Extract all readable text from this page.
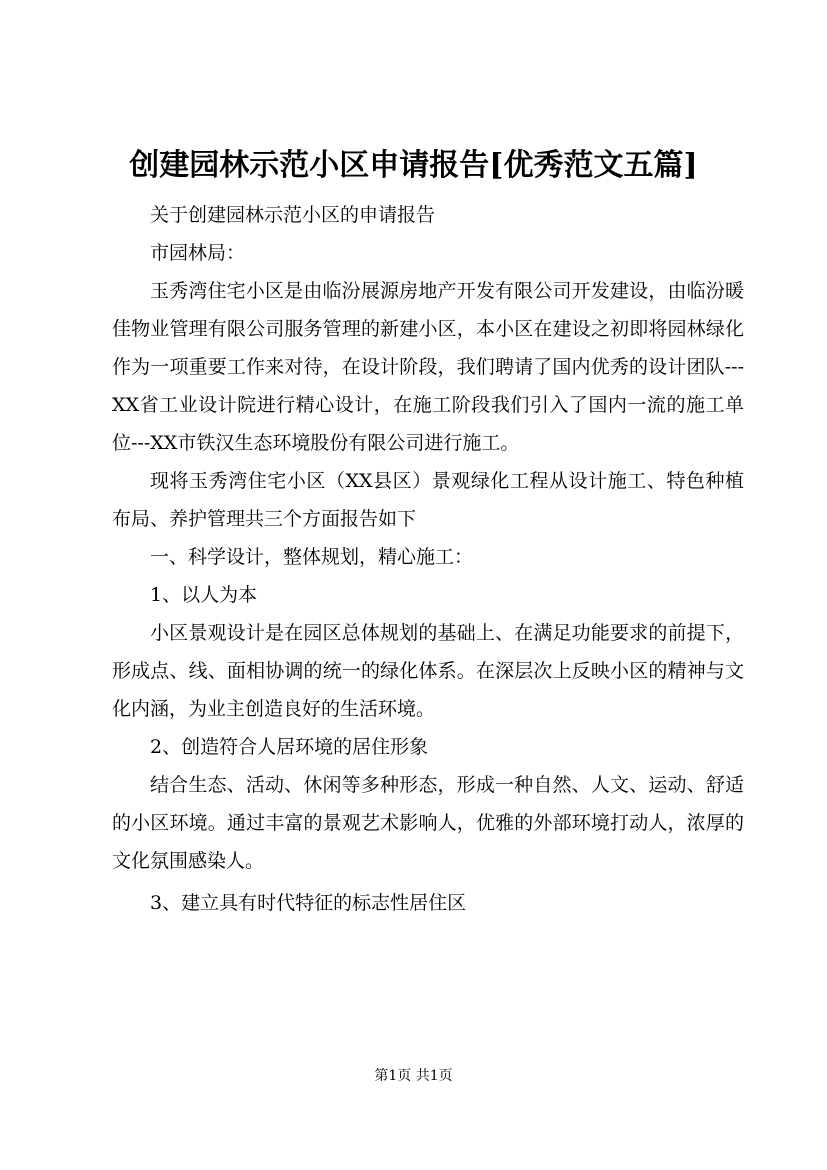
创建园林示范小区申请报告[优秀范文五篇]

关于创建园林示范小区的申请报告

市园林局：

玉秀湾住宅小区是由临汾展源房地产开发有限公司开发建设，由临汾暖佳物业管理有限公司服务管理的新建小区，本小区在建设之初即将园林绿化作为一项重要工作来对待，在设计阶段，我们聘请了国内优秀的设计团队---XX省工业设计院进行精心设计，在施工阶段我们引入了国内一流的施工单位---XX市铁汉生态环境股份有限公司进行施工。

现将玉秀湾住宅小区（XX县区）景观绿化工程从设计施工、特色种植布局、养护管理共三个方面报告如下

一、科学设计，整体规划，精心施工：

1、以人为本

小区景观设计是在园区总体规划的基础上、在满足功能要求的前提下，形成点、线、面相协调的统一的绿化体系。在深层次上反映小区的精神与文化内涵，为业主创造良好的生活环境。

2、创造符合人居环境的居住形象

结合生态、活动、休闲等多种形态，形成一种自然、人文、运动、舒适的小区环境。通过丰富的景观艺术影响人，优雅的外部环境打动人，浓厚的文化氛围感染人。

3、建立具有时代特征的标志性居住区

第1页 共1页
